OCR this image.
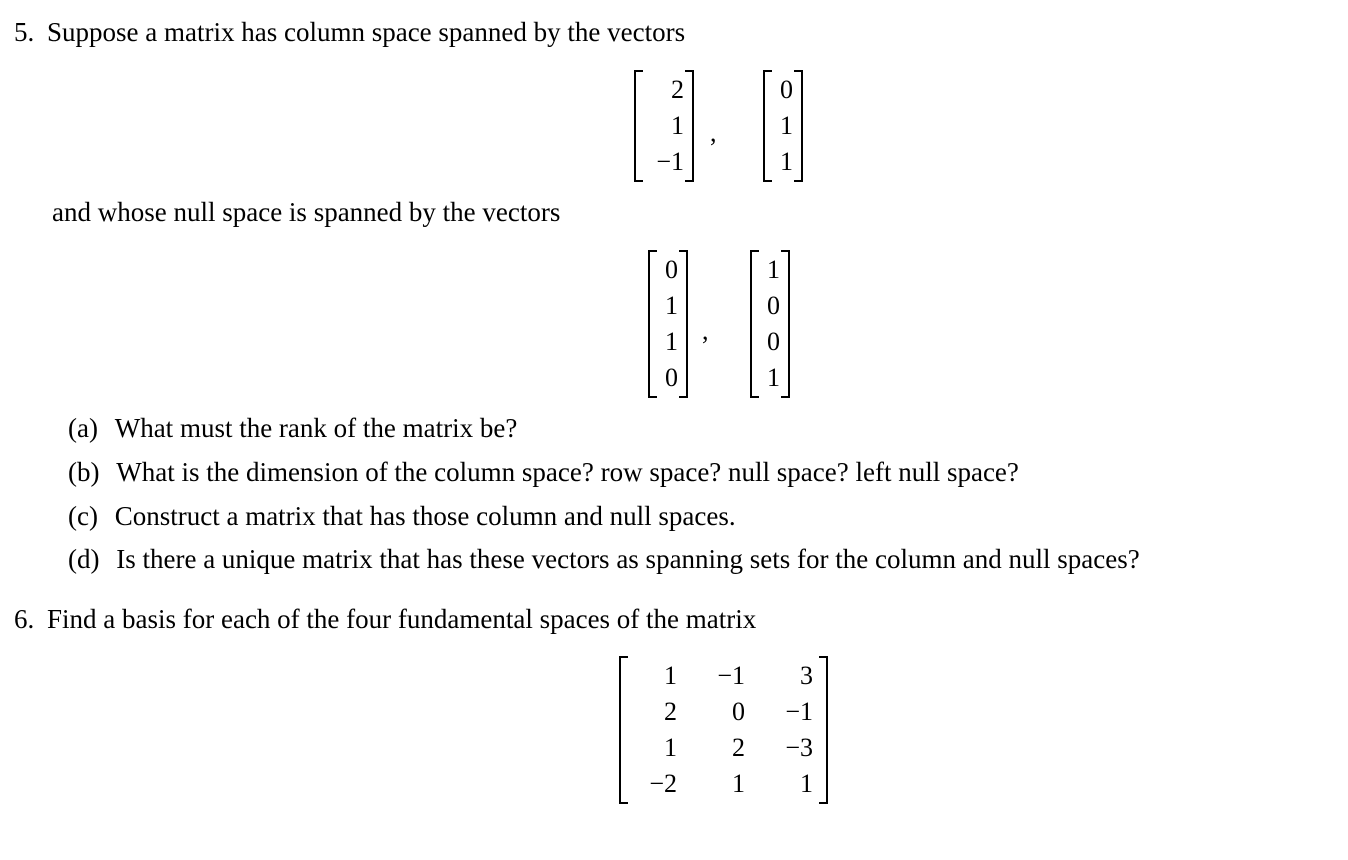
5. Suppose a matrix has column space spanned by the vectors
2
1
−1
,
0
1
1
and whose null space is spanned by the vectors
0
1
1
0
,
1
0
0
1
(a) What must the rank of the matrix be?
(b) What is the dimension of the column space? row space? null space? left null space?
(c) Construct a matrix that has those column and null spaces.
(d) Is there a unique matrix that has these vectors as spanning sets for the column and null spaces?
6. Find a basis for each of the four fundamental spaces of the matrix
1	−1	3
2	0	−1
1	2	−3
−2	1	1
